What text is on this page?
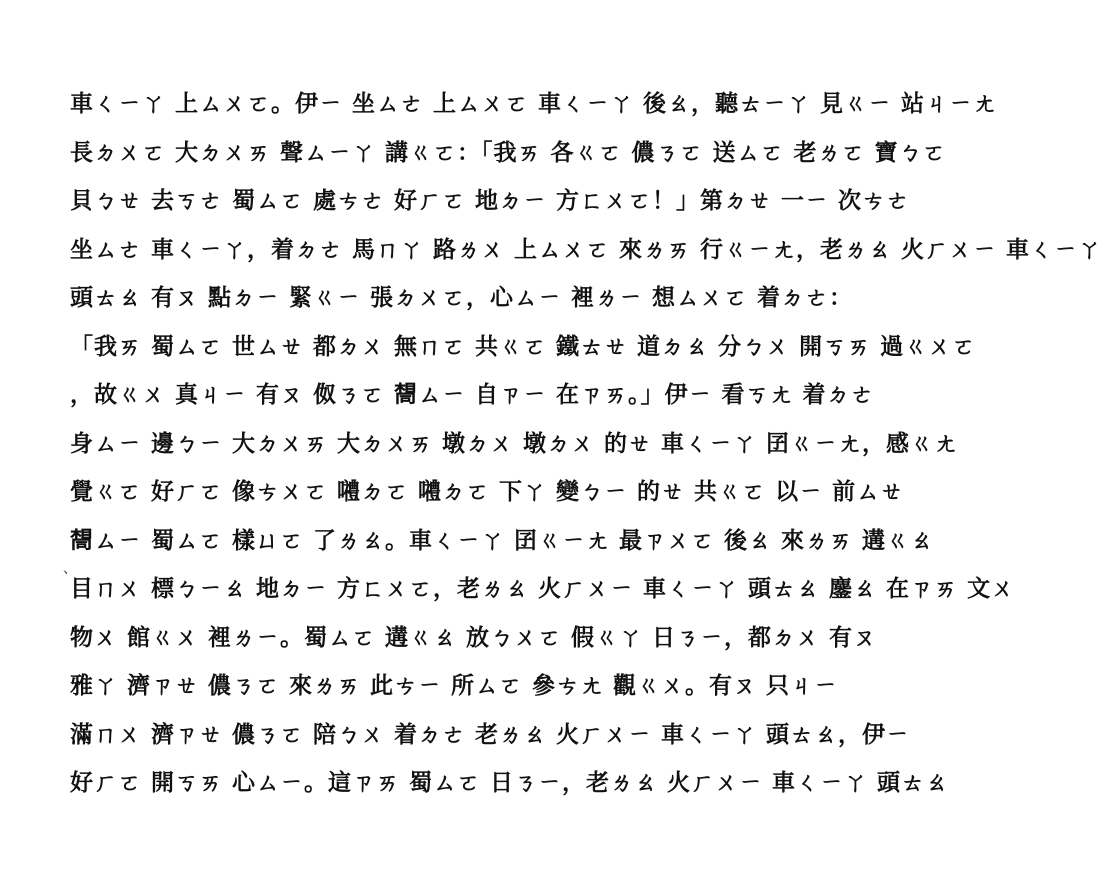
車ㄑㄧㄚ 上ㄙㄨㄛ。伊ㄧ 坐ㄙㄜ 上ㄙㄨㄛ 車ㄑㄧㄚ 後ㄠ，聽ㄊㄧㄚ 見ㄍㄧ 站ㄐㄧㄤ
長ㄉㄨㄛ 大ㄉㄨㄞ 聲ㄙㄧㄚ 講ㄍㄛ：「我ㄞ 各ㄍㄛ 儂ㄋㄛ 送ㄙㄛ 老ㄌㄛ 寶ㄅㄛ
貝ㄅㄝ 去ㄎㄜ 蜀ㄙㄛ 處ㄘㄜ 好ㄏㄛ 地ㄉㄧ 方ㄈㄨㄛ！」第ㄉㄝ 一ㄧ 次ㄘㄜ
坐ㄙㄜ 車ㄑㄧㄚ，着ㄉㄜ 馬ㄇㄚ 路ㄌㄨ 上ㄙㄨㄛ 來ㄌㄞ 行ㄍㄧㄤ，老ㄌㄠ 火ㄏㄨㄧ 車ㄑㄧㄚ
頭ㄊㄠ 有ㄡ 點ㄉㄧ 緊ㄍㄧ 張ㄉㄨㄛ，心ㄙㄧ 裡ㄌㄧ 想ㄙㄨㄛ 着ㄉㄜ：
「我ㄞ 蜀ㄙㄛ 世ㄙㄝ 都ㄉㄨ 無ㄇㄛ 共ㄍㄛ 鐵ㄊㄝ 道ㄉㄠ 分ㄅㄨ 開ㄎㄞ 過ㄍㄨㄛ
，故ㄍㄨ 真ㄐㄧ 有ㄡ 伮ㄋㄛ 𫝛ㄙㄧ 自ㄗㄧ 在ㄗㄞ。」伊ㄧ 看ㄎㄤ 着ㄉㄜ
身ㄙㄧ 邊ㄅㄧ 大ㄉㄨㄞ 大ㄉㄨㄞ 墩ㄉㄨ 墩ㄉㄨ 的ㄝ 車ㄑㄧㄚ 囝ㄍㄧㄤ，感ㄍㄤ
覺ㄍㄛ 好ㄏㄛ 像ㄘㄨㄛ 𡅏ㄉㄛ 𡅏ㄉㄛ 下ㄚ 變ㄅㄧ 的ㄝ 共ㄍㄛ 以ㄧ 前ㄙㄝ
𫝛ㄙㄧ 蜀ㄙㄛ 樣ㄩㄛ 了ㄌㄠ。車ㄑㄧㄚ 囝ㄍㄧㄤ 最ㄗㄨㄛ 後ㄠ 來ㄌㄞ 遘ㄍㄠ
目ㄇㄨ 標ㄅㄧㄠ 地ㄉㄧ 方ㄈㄨㄛ，老ㄌㄠ 火ㄏㄨㄧ 車ㄑㄧㄚ 頭ㄊㄠ 鏖ㄠ 在ㄗㄞ 文ㄨ
物ㄨ 館ㄍㄨ 裡ㄌㄧ。蜀ㄙㄛ 遘ㄍㄠ 放ㄅㄨㄛ 假ㄍㄚ 日ㄋㄧ，都ㄉㄨ 有ㄡ
雅ㄚ 濟ㄗㄝ 儂ㄋㄛ 來ㄌㄞ 此ㄘㄧ 所ㄙㄛ 參ㄘㄤ 觀ㄍㄨ。有ㄡ 只ㄐㄧ
滿ㄇㄨ 濟ㄗㄝ 儂ㄋㄛ 陪ㄅㄨ 着ㄉㄜ 老ㄌㄠ 火ㄏㄨㄧ 車ㄑㄧㄚ 頭ㄊㄠ，伊ㄧ
好ㄏㄛ 開ㄎㄞ 心ㄙㄧ。這ㄗㄞ 蜀ㄙㄛ 日ㄋㄧ，老ㄌㄠ 火ㄏㄨㄧ 車ㄑㄧㄚ 頭ㄊㄠ
、
